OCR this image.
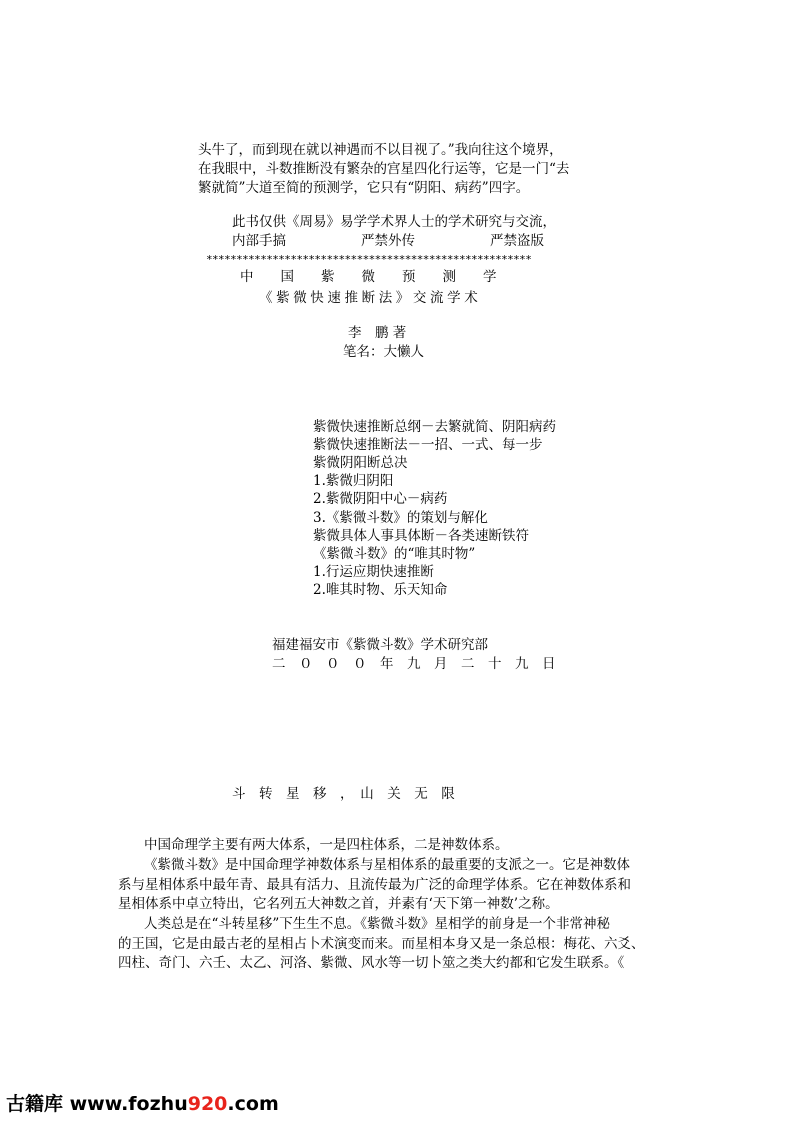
头牛了，而到现在就以神遇而不以目视了。”我向往这个境界，
在我眼中，斗数推断没有繁杂的宫星四化行运等，它是一门“去
繁就简”大道至简的预测学，它只有“阴阳、病药”四字。
此书仅供《周易》易学学术界人士的学术研究与交流，
内部手搞	严禁外传	严禁盗版
******************************************************
中　　国　　紫　　微　　预　　测　　学
《紫微快速推断法》交流学术
李　鹏 著
笔名：大懒人
紫微快速推断总纲－去繁就简、阴阳病药
紫微快速推断法－一招、一式、每一步
紫微阴阳断总决
1.紫微归阴阳
2.紫微阴阳中心－病药
3.《紫微斗数》的策划与解化
紫微具体人事具体断－各类速断铁符
《紫微斗数》的“唯其时物”
1.行运应期快速推断
2.唯其时物、乐天知命
福建福安市《紫微斗数》学术研究部
二　０　０　０　年　九　月　二　十　九　日
斗　转　星　移　，　山　关　无　限
中国命理学主要有两大体系，一是四柱体系，二是神数体系。
《紫微斗数》是中国命理学神数体系与星相体系的最重要的支派之一。它是神数体
系与星相体系中最年青、最具有活力、且流传最为广泛的命理学体系。它在神数体系和
星相体系中卓立特出，它名列五大神数之首，并素有‘天下第一神数’之称。
人类总是在“斗转星移”下生生不息。《紫微斗数》星相学的前身是一个非常神秘
的王国，它是由最古老的星相占卜术演变而来。而星相本身又是一条总根：梅花、六爻、
四柱、奇门、六壬、太乙、河洛、紫微、风水等一切卜筮之类大约都和它发生联系。《
古籍库 www.fozhu920.com
